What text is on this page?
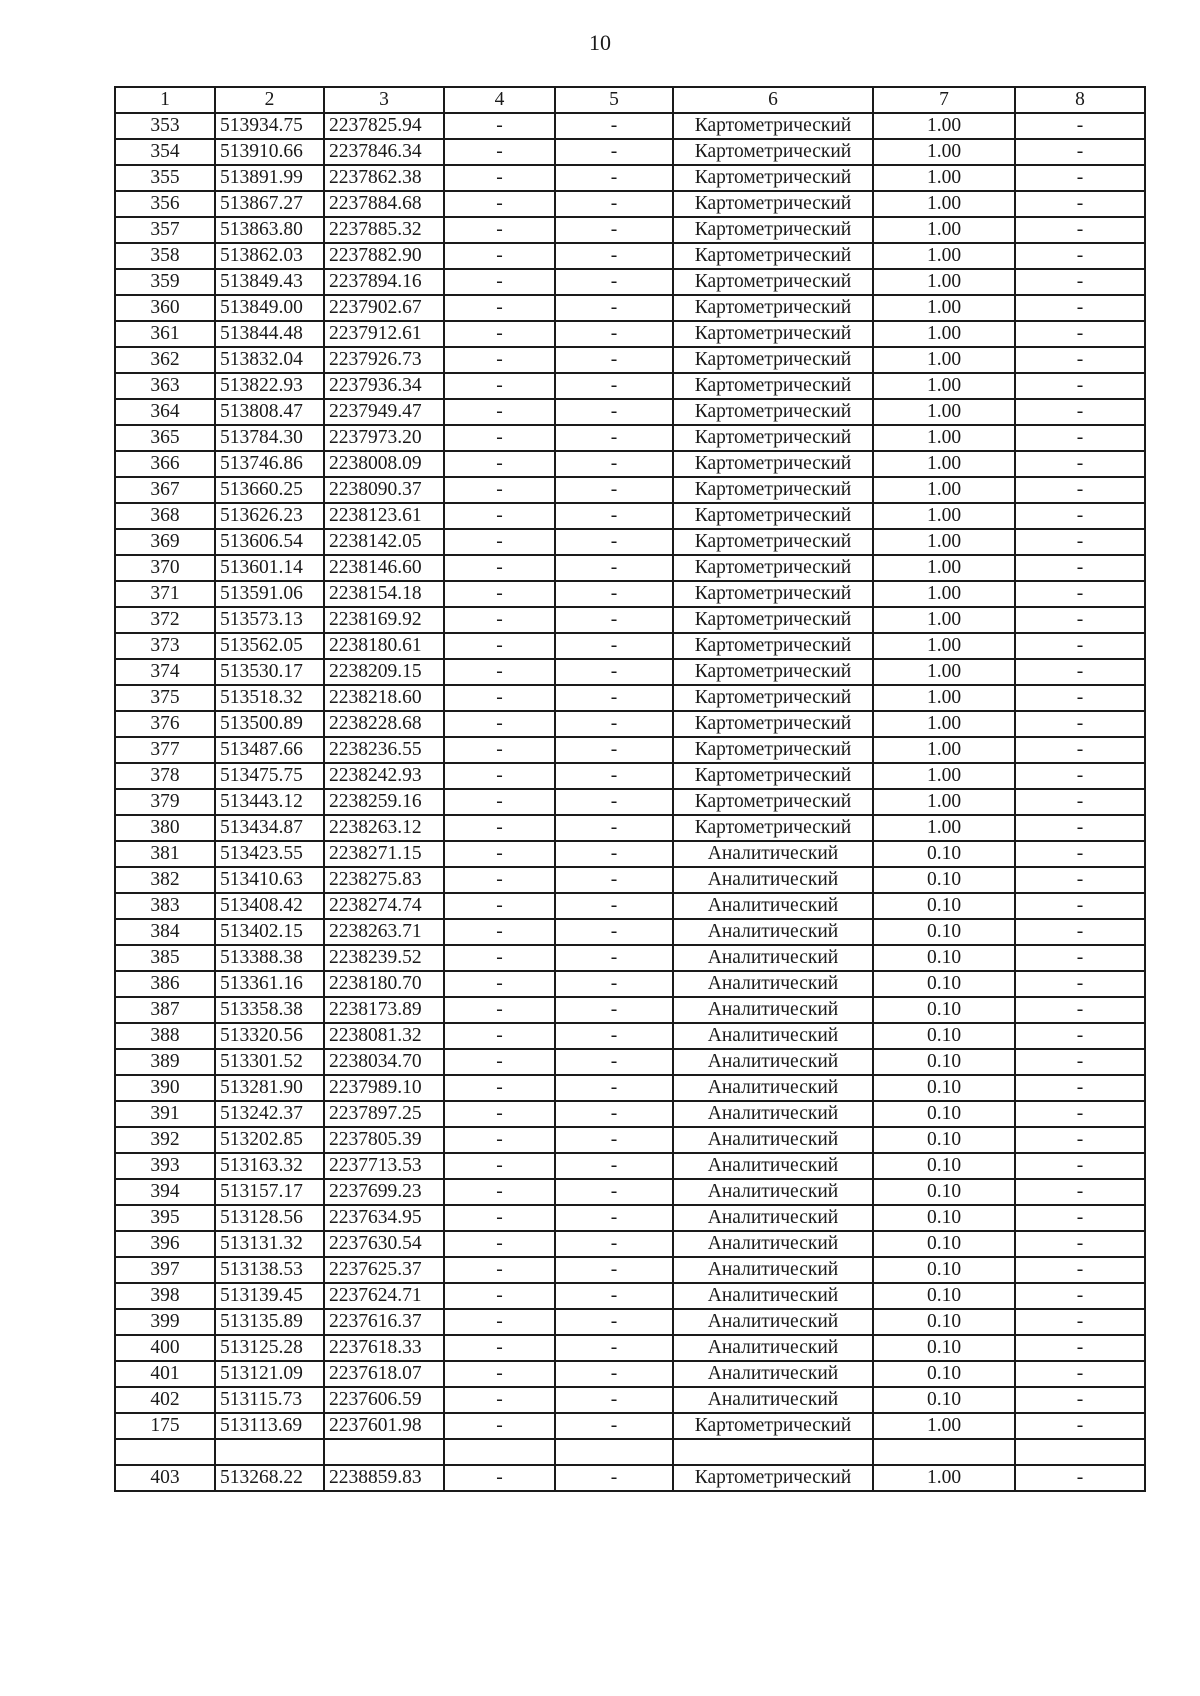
10
1	2	3	4	5	6	7	8
353	513934.75	2237825.94	-	-	Картометрический	1.00	-
354	513910.66	2237846.34	-	-	Картометрический	1.00	-
355	513891.99	2237862.38	-	-	Картометрический	1.00	-
356	513867.27	2237884.68	-	-	Картометрический	1.00	-
357	513863.80	2237885.32	-	-	Картометрический	1.00	-
358	513862.03	2237882.90	-	-	Картометрический	1.00	-
359	513849.43	2237894.16	-	-	Картометрический	1.00	-
360	513849.00	2237902.67	-	-	Картометрический	1.00	-
361	513844.48	2237912.61	-	-	Картометрический	1.00	-
362	513832.04	2237926.73	-	-	Картометрический	1.00	-
363	513822.93	2237936.34	-	-	Картометрический	1.00	-
364	513808.47	2237949.47	-	-	Картометрический	1.00	-
365	513784.30	2237973.20	-	-	Картометрический	1.00	-
366	513746.86	2238008.09	-	-	Картометрический	1.00	-
367	513660.25	2238090.37	-	-	Картометрический	1.00	-
368	513626.23	2238123.61	-	-	Картометрический	1.00	-
369	513606.54	2238142.05	-	-	Картометрический	1.00	-
370	513601.14	2238146.60	-	-	Картометрический	1.00	-
371	513591.06	2238154.18	-	-	Картометрический	1.00	-
372	513573.13	2238169.92	-	-	Картометрический	1.00	-
373	513562.05	2238180.61	-	-	Картометрический	1.00	-
374	513530.17	2238209.15	-	-	Картометрический	1.00	-
375	513518.32	2238218.60	-	-	Картометрический	1.00	-
376	513500.89	2238228.68	-	-	Картометрический	1.00	-
377	513487.66	2238236.55	-	-	Картометрический	1.00	-
378	513475.75	2238242.93	-	-	Картометрический	1.00	-
379	513443.12	2238259.16	-	-	Картометрический	1.00	-
380	513434.87	2238263.12	-	-	Картометрический	1.00	-
381	513423.55	2238271.15	-	-	Аналитический	0.10	-
382	513410.63	2238275.83	-	-	Аналитический	0.10	-
383	513408.42	2238274.74	-	-	Аналитический	0.10	-
384	513402.15	2238263.71	-	-	Аналитический	0.10	-
385	513388.38	2238239.52	-	-	Аналитический	0.10	-
386	513361.16	2238180.70	-	-	Аналитический	0.10	-
387	513358.38	2238173.89	-	-	Аналитический	0.10	-
388	513320.56	2238081.32	-	-	Аналитический	0.10	-
389	513301.52	2238034.70	-	-	Аналитический	0.10	-
390	513281.90	2237989.10	-	-	Аналитический	0.10	-
391	513242.37	2237897.25	-	-	Аналитический	0.10	-
392	513202.85	2237805.39	-	-	Аналитический	0.10	-
393	513163.32	2237713.53	-	-	Аналитический	0.10	-
394	513157.17	2237699.23	-	-	Аналитический	0.10	-
395	513128.56	2237634.95	-	-	Аналитический	0.10	-
396	513131.32	2237630.54	-	-	Аналитический	0.10	-
397	513138.53	2237625.37	-	-	Аналитический	0.10	-
398	513139.45	2237624.71	-	-	Аналитический	0.10	-
399	513135.89	2237616.37	-	-	Аналитический	0.10	-
400	513125.28	2237618.33	-	-	Аналитический	0.10	-
401	513121.09	2237618.07	-	-	Аналитический	0.10	-
402	513115.73	2237606.59	-	-	Аналитический	0.10	-
175	513113.69	2237601.98	-	-	Картометрический	1.00	-

403	513268.22	2238859.83	-	-	Картометрический	1.00	-
